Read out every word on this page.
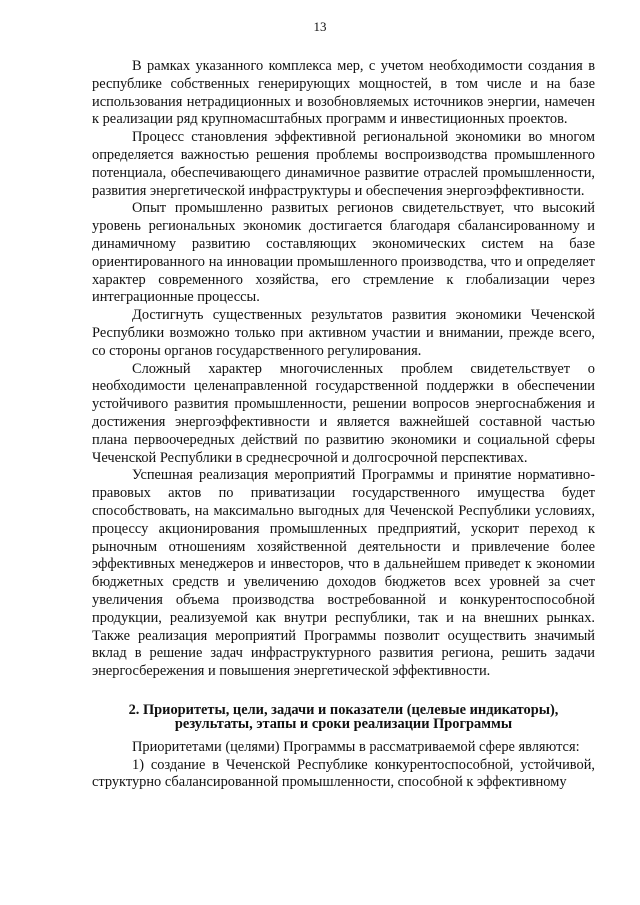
13

В рамках указанного комплекса мер, с учетом необходимости создания в республике собственных генерирующих мощностей, в том числе и на базе использования нетрадиционных и возобновляемых источников энергии, намечен к реализации ряд крупномасштабных программ и инвестиционных проектов.

Процесс становления эффективной региональной экономики во многом определяется важностью решения проблемы воспроизводства промышленного потенциала, обеспечивающего динамичное развитие отраслей промышленности, развития энергетической инфраструктуры и обеспечения энергоэффективности.

Опыт промышленно развитых регионов свидетельствует, что высокий уровень региональных экономик достигается благодаря сбалансированному и динамичному развитию составляющих экономических систем на базе ориентированного на инновации промышленного производства, что и определяет характер современного хозяйства, его стремление к глобализации через интеграционные процессы.

Достигнуть существенных результатов развития экономики Чеченской Республики возможно только при активном участии и внимании, прежде всего, со стороны органов государственного регулирования.

Сложный характер многочисленных проблем свидетельствует о необходимости целенаправленной государственной поддержки в обеспечении устойчивого развития промышленности, решении вопросов энергоснабжения и достижения энергоэффективности и является важнейшей составной частью плана первоочередных действий по развитию экономики и социальной сферы Чеченской Республики в среднесрочной и долгосрочной перспективах.

Успешная реализация мероприятий Программы и принятие нормативно-правовых актов по приватизации государственного имущества будет способствовать, на максимально выгодных для Чеченской Республики условиях, процессу акционирования промышленных предприятий, ускорит переход к рыночным отношениям хозяйственной деятельности и привлечение более эффективных менеджеров и инвесторов, что в дальнейшем приведет к экономии бюджетных средств и увеличению доходов бюджетов всех уровней за счет увеличения объема производства востребованной и конкурентоспособной продукции, реализуемой как внутри республики, так и на внешних рынках. Также реализация мероприятий Программы позволит осуществить значимый вклад в решение задач инфраструктурного развития региона, решить задачи энергосбережения и повышения энергетической эффективности.

2. Приоритеты, цели, задачи и показатели (целевые индикаторы),
результаты, этапы и сроки реализации Программы

Приоритетами (целями) Программы в рассматриваемой сфере являются:

1) создание в Чеченской Республике конкурентоспособной, устойчивой, структурно сбалансированной промышленности, способной к эффективному
